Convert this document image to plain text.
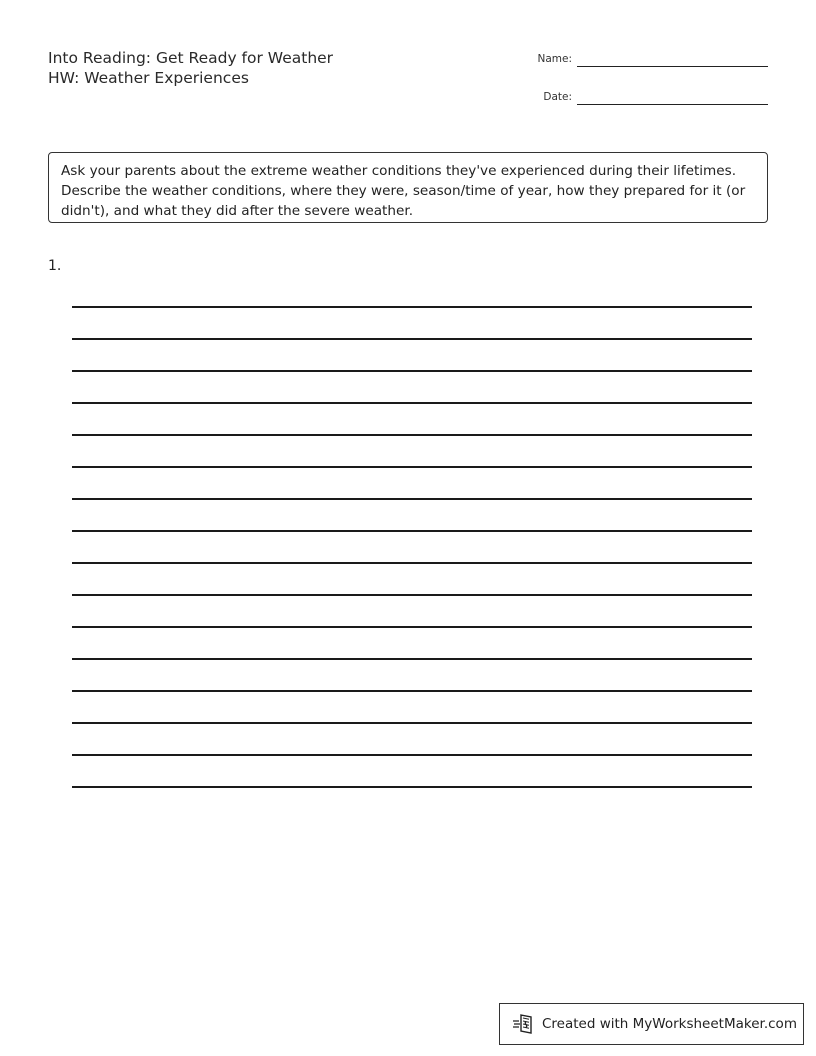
Into Reading: Get Ready for Weather
HW: Weather Experiences
Name:
Date:
Ask your parents about the extreme weather conditions they've experienced during their lifetimes. Describe the weather conditions, where they were, season/time of year, how they prepared for it (or didn't), and what they did after the severe weather.
1.
Created with MyWorksheetMaker.com
